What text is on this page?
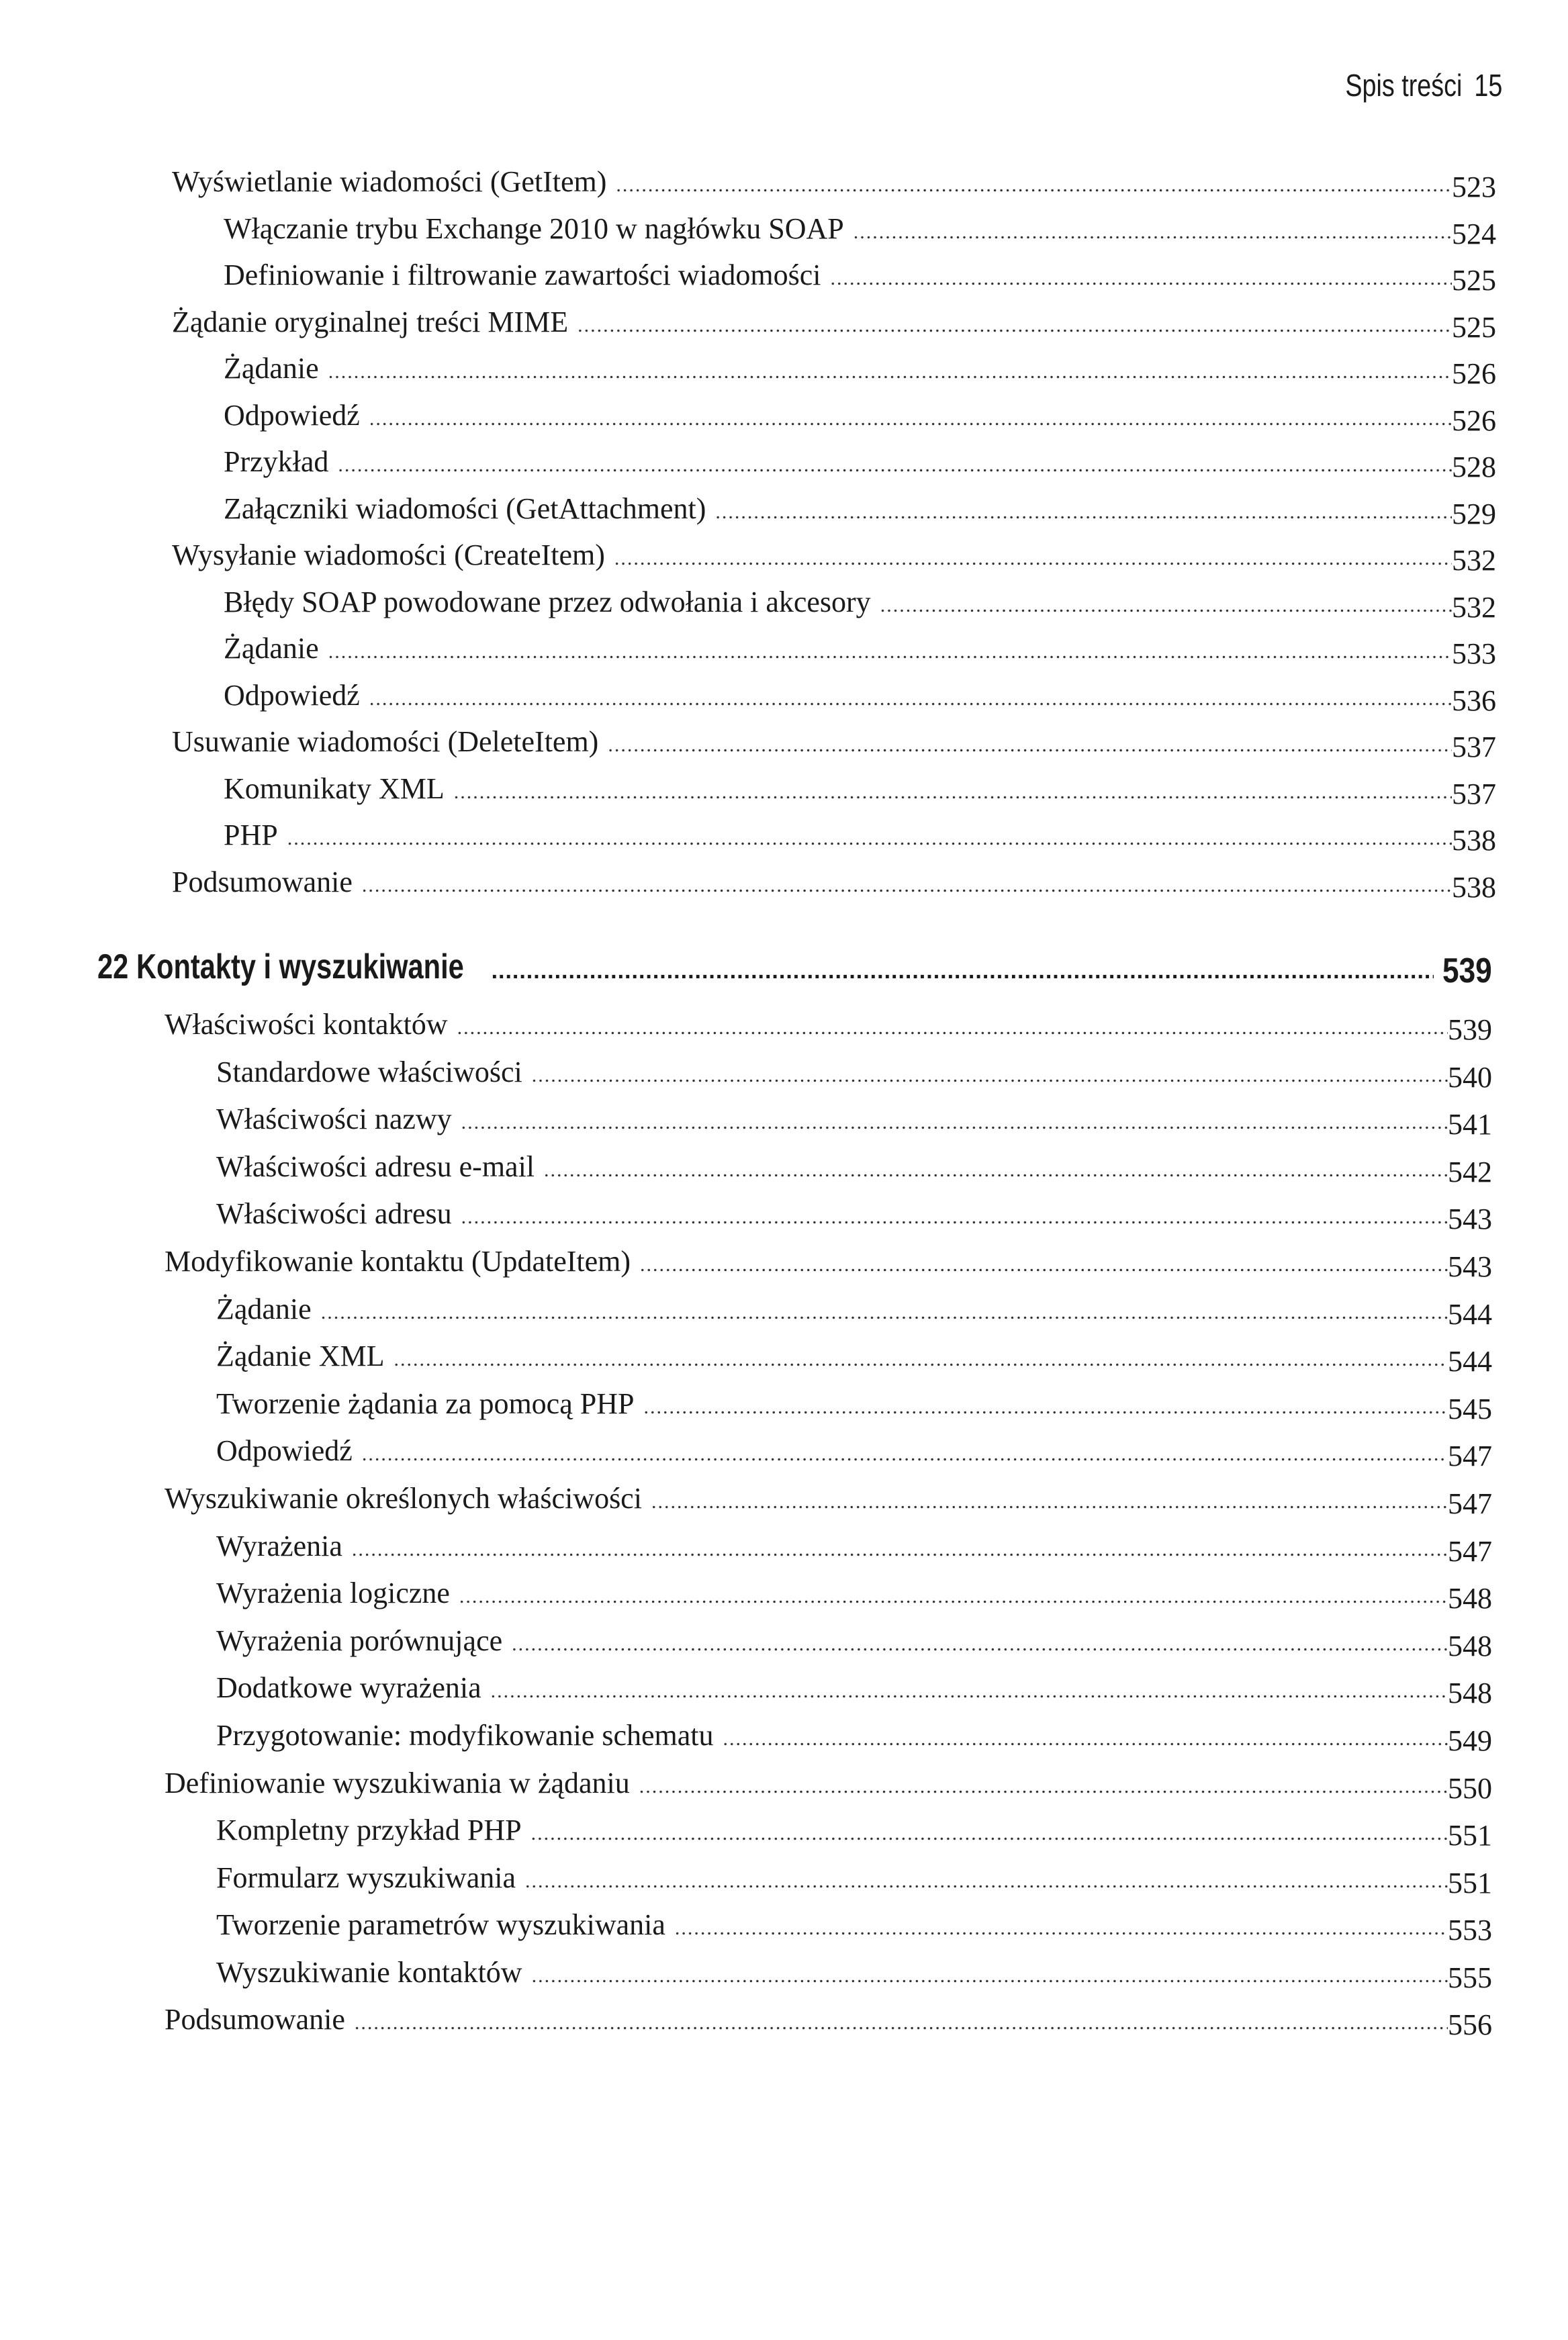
Spis treści 15
Wyświetlanie wiadomości (GetItem) .....	523
Włączanie trybu Exchange 2010 w nagłówku SOAP .....	524
Definiowanie i filtrowanie zawartości wiadomości .....	525
Żądanie oryginalnej treści MIME .....	525
Żądanie .....	526
Odpowiedź .....	526
Przykład .....	528
Załączniki wiadomości (GetAttachment) .....	529
Wysyłanie wiadomości (CreateItem) .....	532
Błędy SOAP powodowane przez odwołania i akcesory .....	532
Żądanie .....	533
Odpowiedź .....	536
Usuwanie wiadomości (DeleteItem) .....	537
Komunikaty XML .....	537
PHP .....	538
Podsumowanie .....	538
22 Kontakty i wyszukiwanie .....	539
Właściwości kontaktów .....	539
Standardowe właściwości .....	540
Właściwości nazwy .....	541
Właściwości adresu e-mail .....	542
Właściwości adresu .....	543
Modyfikowanie kontaktu (UpdateItem) .....	543
Żądanie .....	544
Żądanie XML .....	544
Tworzenie żądania za pomocą PHP .....	545
Odpowiedź .....	547
Wyszukiwanie określonych właściwości .....	547
Wyrażenia .....	547
Wyrażenia logiczne .....	548
Wyrażenia porównujące .....	548
Dodatkowe wyrażenia .....	548
Przygotowanie: modyfikowanie schematu .....	549
Definiowanie wyszukiwania w żądaniu .....	550
Kompletny przykład PHP .....	551
Formularz wyszukiwania .....	551
Tworzenie parametrów wyszukiwania .....	553
Wyszukiwanie kontaktów .....	555
Podsumowanie .....	556
